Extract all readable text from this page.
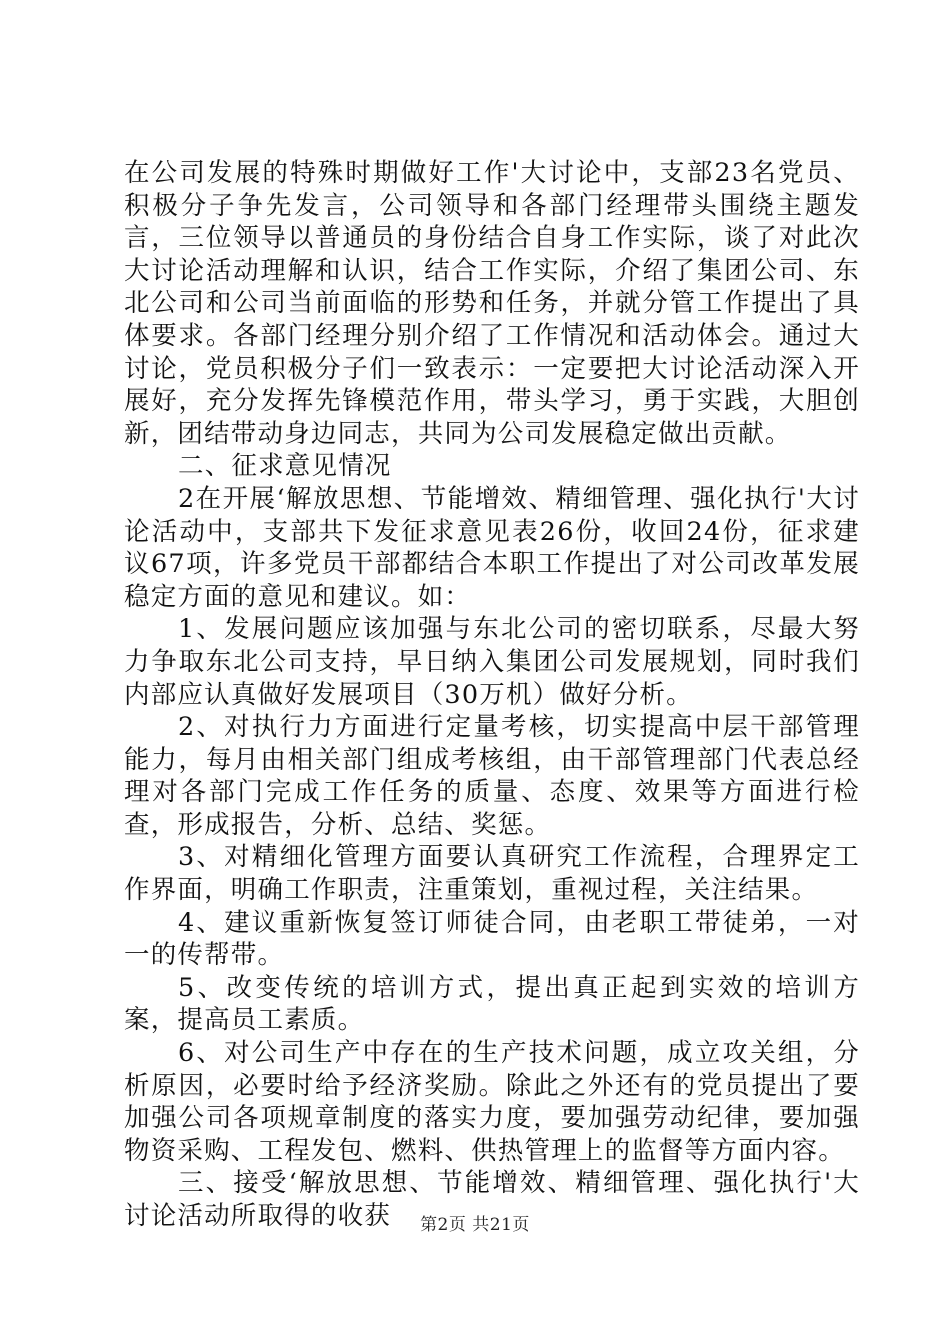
在公司发展的特殊时期做好工作'大讨论中，支部23名党员、积极分子争先发言，公司领导和各部门经理带头围绕主题发言，三位领导以普通员的身份结合自身工作实际，谈了对此次大讨论活动理解和认识，结合工作实际，介绍了集团公司、东北公司和公司当前面临的形势和任务，并就分管工作提出了具体要求。各部门经理分别介绍了工作情况和活动体会。通过大讨论，党员积极分子们一致表示：一定要把大讨论活动深入开展好，充分发挥先锋模范作用，带头学习，勇于实践，大胆创新，团结带动身边同志，共同为公司发展稳定做出贡献。

二、征求意见情况

2在开展‘解放思想、节能增效、精细管理、强化执行'大讨论活动中，支部共下发征求意见表26份，收回24份，征求建议67项，许多党员干部都结合本职工作提出了对公司改革发展稳定方面的意见和建议。如：

1、发展问题应该加强与东北公司的密切联系，尽最大努力争取东北公司支持，早日纳入集团公司发展规划，同时我们内部应认真做好发展项目（30万机）做好分析。

2、对执行力方面进行定量考核，切实提高中层干部管理能力，每月由相关部门组成考核组，由干部管理部门代表总经理对各部门完成工作任务的质量、态度、效果等方面进行检查，形成报告，分析、总结、奖惩。

3、对精细化管理方面要认真研究工作流程，合理界定工作界面，明确工作职责，注重策划，重视过程，关注结果。

4、建议重新恢复签订师徒合同，由老职工带徒弟，一对一的传帮带。

5、改变传统的培训方式，提出真正起到实效的培训方案，提高员工素质。

6、对公司生产中存在的生产技术问题，成立攻关组，分析原因，必要时给予经济奖励。除此之外还有的党员提出了要加强公司各项规章制度的落实力度，要加强劳动纪律，要加强物资采购、工程发包、燃料、供热管理上的监督等方面内容。

三、接受‘解放思想、节能增效、精细管理、强化执行'大讨论活动所取得的收获	第2页 共21页
